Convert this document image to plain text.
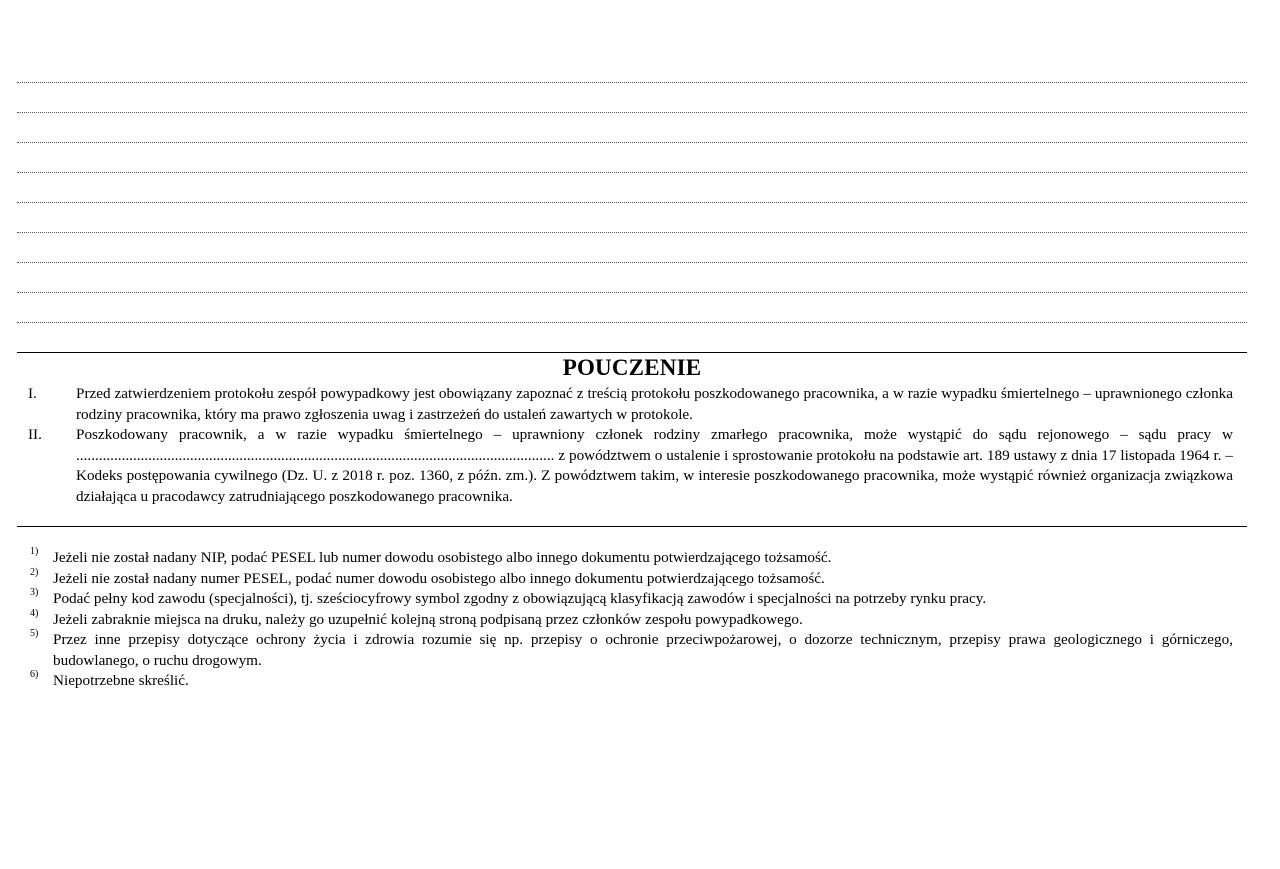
POUCZENIE
I.	Przed zatwierdzeniem protokołu zespół powypadkowy jest obowiązany zapoznać z treścią protokołu poszkodowanego pracownika, a w razie wypadku śmiertelnego – uprawnionego członka rodziny pracownika, który ma prawo zgłoszenia uwag i zastrzeżeń do ustaleń zawartych w protokole.
II. Poszkodowany pracownik, a w razie wypadku śmiertelnego – uprawniony członek rodziny zmarłego pracownika, może wystąpić do sądu rejonowego – sądu pracy w .............................................................................................................................. z powództwem o ustalenie i sprostowanie protokołu na podstawie art. 189 ustawy z dnia 17 listopada 1964 r. – Kodeks postępowania cywilnego (Dz. U. z 2018 r. poz. 1360, z późn. zm.). Z powództwem takim, w interesie poszkodowanego pracownika, może wystąpić również organizacja związkowa działająca u pracodawcy zatrudniającego poszkodowanego pracownika.
1) Jeżeli nie został nadany NIP, podać PESEL lub numer dowodu osobistego albo innego dokumentu potwierdzającego tożsamość.
2) Jeżeli nie został nadany numer PESEL, podać numer dowodu osobistego albo innego dokumentu potwierdzającego tożsamość.
3) Podać pełny kod zawodu (specjalności), tj. sześciocyfrowy symbol zgodny z obowiązującą klasyfikacją zawodów i specjalności na potrzeby rynku pracy.
4) Jeżeli zabraknie miejsca na druku, należy go uzupełnić kolejną stroną podpisaną przez członków zespołu powypadkowego.
5) Przez inne przepisy dotyczące ochrony życia i zdrowia rozumie się np. przepisy o ochronie przeciwpożarowej, o dozorze technicznym, przepisy prawa geologicznego i górniczego, budowlanego, o ruchu drogowym.
6) Niepotrzebne skreślić.
